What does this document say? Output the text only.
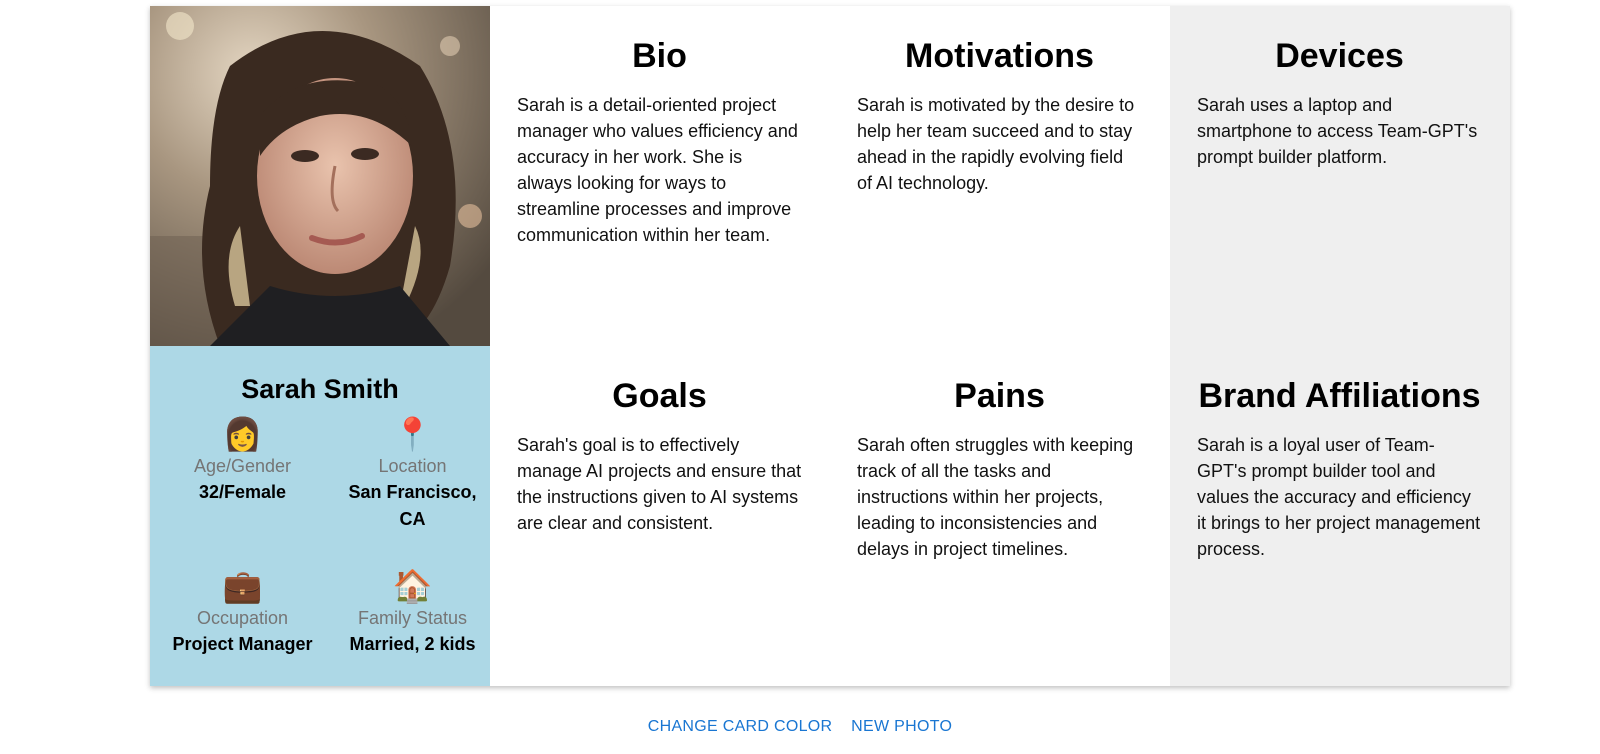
Bio

Sarah is a detail-oriented project manager who values efficiency and accuracy in her work. She is always looking for ways to streamline processes and improve communication within her team.

Motivations

Sarah is motivated by the desire to help her team succeed and to stay ahead in the rapidly evolving field of AI technology.

Devices

Sarah uses a laptop and smartphone to access Team-GPT's prompt builder platform.

Sarah Smith
👩
Age/Gender
32/Female
📍
Location
San Francisco, CA
💼
Occupation
Project Manager
🏠
Family Status
Married, 2 kids
Goals

Sarah's goal is to effectively manage AI projects and ensure that the instructions given to AI systems are clear and consistent.

Pains

Sarah often struggles with keeping track of all the tasks and instructions within her projects, leading to inconsistencies and delays in project timelines.

Brand Affiliations

Sarah is a loyal user of Team-GPT's prompt builder tool and values the accuracy and efficiency it brings to her project management process.

CHANGE CARD COLOR NEW PHOTO
